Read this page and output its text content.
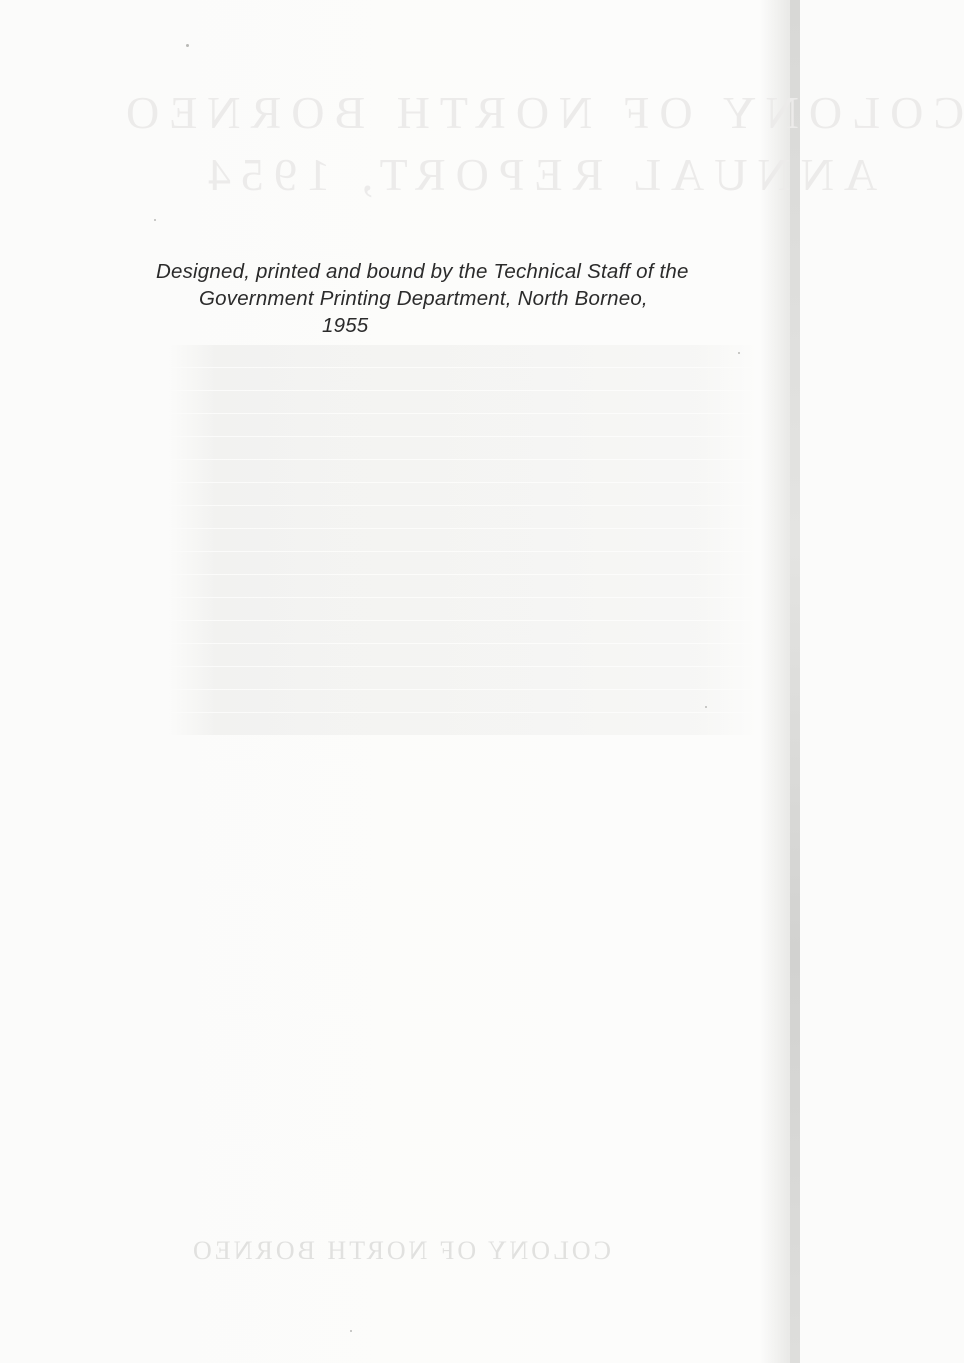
COLONY OF NORTH BORNEO
ANNUAL REPORT, 1954
Designed, printed and bound by the Technical Staff of the
Government Printing Department, North Borneo,
1955
COLONY OF NORTH BORNEO
